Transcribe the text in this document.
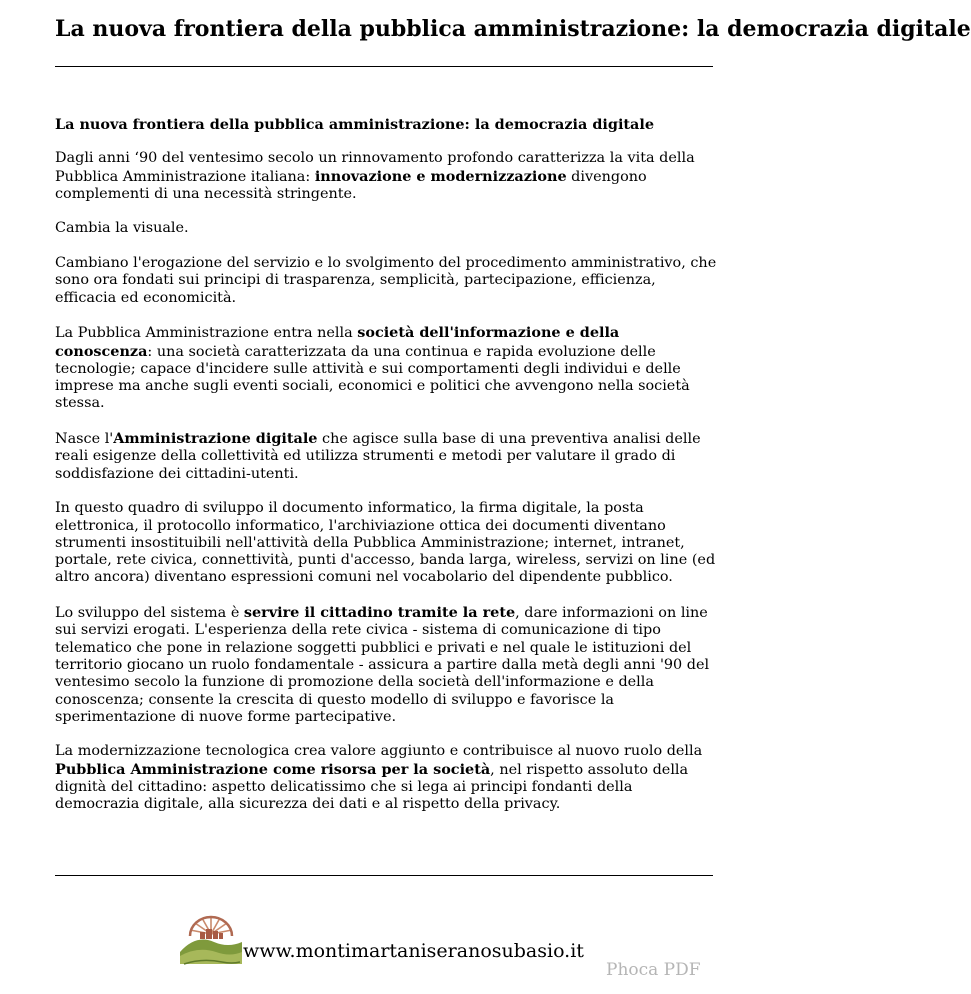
La nuova frontiera della pubblica amministrazione: la democrazia digitale
La nuova frontiera della pubblica amministrazione: la democrazia digitale

Dagli anni ‘90 del ventesimo secolo un rinnovamento profondo caratterizza la vita della Pubblica Amministrazione italiana: innovazione e modernizzazione divengono complementi di una necessità stringente.

Cambia la visuale.

Cambiano l'erogazione del servizio e lo svolgimento del procedimento amministrativo, che sono ora fondati sui principi di trasparenza, semplicità, partecipazione, efficienza, efficacia ed economicità.

La Pubblica Amministrazione entra nella società dell'informazione e della conoscenza: una società caratterizzata da una continua e rapida evoluzione delle tecnologie; capace d'incidere sulle attività e sui comportamenti degli individui e delle imprese ma anche sugli eventi sociali, economici e politici che avvengono nella società stessa.

Nasce l'Amministrazione digitale che agisce sulla base di una preventiva analisi delle reali esigenze della collettività ed utilizza strumenti e metodi per valutare il grado di soddisfazione dei cittadini-utenti.

In questo quadro di sviluppo il documento informatico, la firma digitale, la posta elettronica, il protocollo informatico, l'archiviazione ottica dei documenti diventano strumenti insostituibili nell'attività della Pubblica Amministrazione; internet, intranet, portale, rete civica, connettività, punti d'accesso, banda larga, wireless, servizi on line (ed altro ancora) diventano espressioni comuni nel vocabolario del dipendente pubblico.

Lo sviluppo del sistema è servire il cittadino tramite la rete, dare informazioni on line sui servizi erogati. L'esperienza della rete civica - sistema di comunicazione di tipo telematico che pone in relazione soggetti pubblici e privati e nel quale le istituzioni del territorio giocano un ruolo fondamentale - assicura a partire dalla metà degli anni '90 del ventesimo secolo la funzione di promozione della società dell'informazione e della conoscenza; consente la crescita di questo modello di sviluppo e favorisce la sperimentazione di nuove forme partecipative.

La modernizzazione tecnologica crea valore aggiunto e contribuisce al nuovo ruolo della Pubblica Amministrazione come risorsa per la società, nel rispetto assoluto della dignità del cittadino: aspetto delicatissimo che si lega ai principi fondanti della democrazia digitale, alla sicurezza dei dati e al rispetto della privacy.

www.montimartaniseranosubasio.it
Phoca PDF
